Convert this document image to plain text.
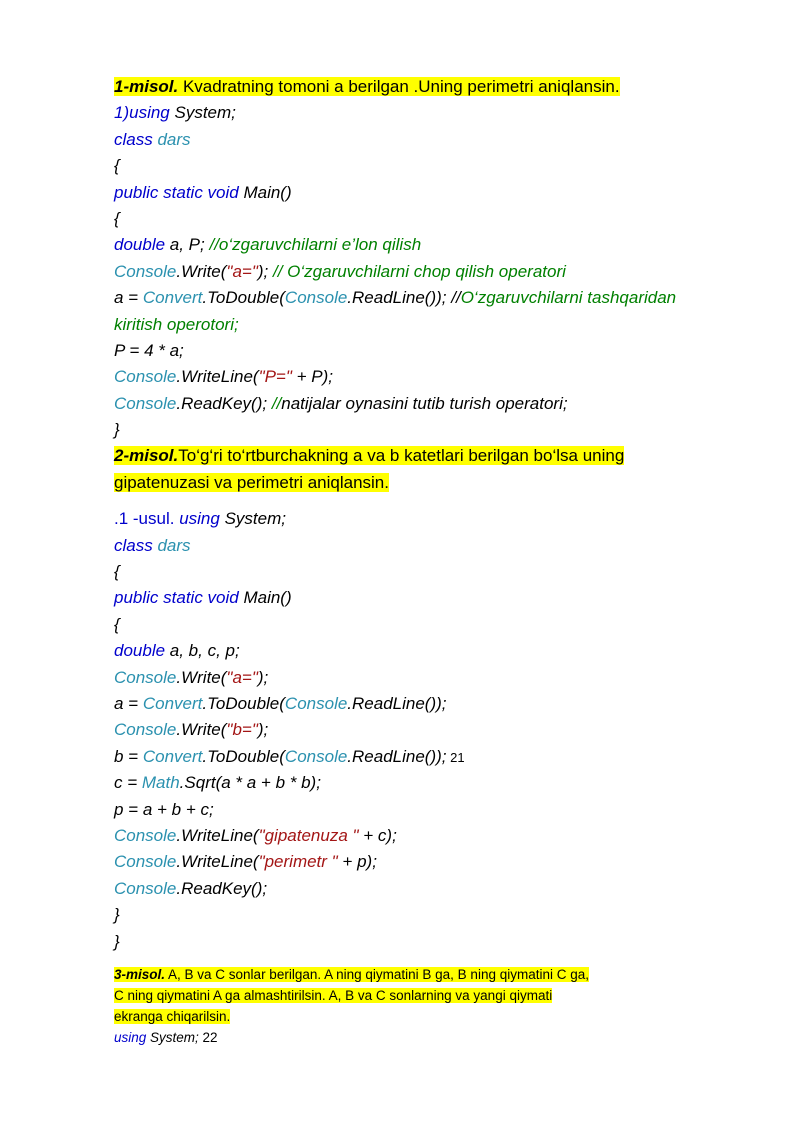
1-misol. Kvadratning tomoni a berilgan .Uning perimetri aniqlansin.
1)using System;
class dars
{
public static void Main()
{
double a, P; //o‘zgaruvchilarni e’lon qilish
Console.Write("a="); // O‘zgaruvchilarni chop qilish operatori
a = Convert.ToDouble(Console.ReadLine()); //O‘zgaruvchilarni tashqaridan
kiritish operotori;
P = 4 * a;
Console.WriteLine("P=" + P);
Console.ReadKey(); //natijalar oynasini tutib turish operatori;
}
2-misol.To‘g‘ri to‘rtburchakning a va b katetlari berilgan bo‘lsa uning
gipatenuzasi va perimetri aniqlansin.
.1 -usul. using System;
class dars
{
public static void Main()
{
double a, b, c, p;
Console.Write("a=");
a = Convert.ToDouble(Console.ReadLine());
Console.Write("b=");
b = Convert.ToDouble(Console.ReadLine()); 21
c = Math.Sqrt(a * a + b * b);
p = a + b + c;
Console.WriteLine("gipatenuza " + c);
Console.WriteLine("perimetr " + p);
Console.ReadKey();
}
}
3-misol. A, B va C sonlar berilgan. A ning qiymatini B ga, B ning qiymatini C ga,
C ning qiymatini A ga almashtirilsin. A, B va C sonlarning va yangi qiymati
ekranga chiqarilsin.
using System; 22
